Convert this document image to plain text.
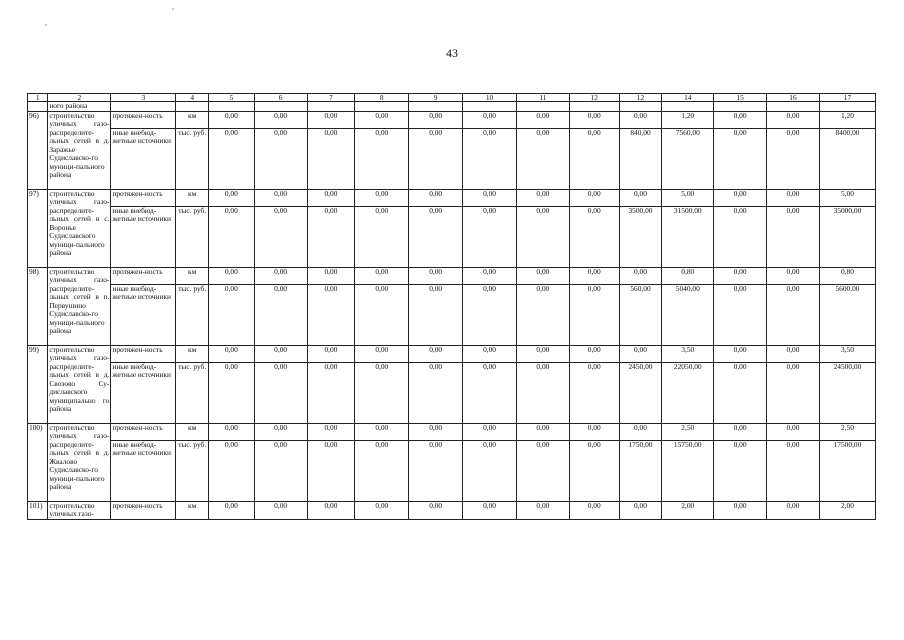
43
1	2	3	4	5	6	7	8	9	10	11	12	12	14	15	16	17
	ного района															
96)	строительство уличных газо-распределите-льных сетей в д. Заражье Судиславско-го муници-пального района	протяжен-ность	км	0,00	0,00	0,00	0,00	0,00	0,00	0,00	0,00	0,00	1,20	0,00	0,00	1,20
		иные внебюд-жетные источники	тыс. руб.	0,00	0,00	0,00	0,00	0,00	0,00	0,00	0,00	840,00	7560,00	0,00	0,00	8400,00
97)	строительство уличных газо-распределите-льных сетей в с. Вороньe Судиславского муници-пального района	протяжен-ность	км	0,00	0,00	0,00	0,00	0,00	0,00	0,00	0,00	0,00	5,00	0,00	0,00	5,00
		иные внебюд-жетные источники	тыс. руб.	0,00	0,00	0,00	0,00	0,00	0,00	0,00	0,00	3500,00	31500,00	0,00	0,00	35000,00
98)	строительство уличных газо-распределите-льных сетей в п. Первушино Судиславско-го муници-пального района	протяжен-ность	км	0,00	0,00	0,00	0,00	0,00	0,00	0,00	0,00	0,00	0,80	0,00	0,00	0,80
		иные внебюд-жетные источники	тыс. руб.	0,00	0,00	0,00	0,00	0,00	0,00	0,00	0,00	560,00	5040,00	0,00	0,00	5600,00
99)	строительство уличных газо-распределите-льных сетей в д. Свозово Су-диславского муниципально го района	протяжен-ность	км	0,00	0,00	0,00	0,00	0,00	0,00	0,00	0,00	0,00	3,50	0,00	0,00	3,50
		иные внебюд-жетные источники	тыс. руб.	0,00	0,00	0,00	0,00	0,00	0,00	0,00	0,00	2450,00	22050,00	0,00	0,00	24500,00
100)	строительство уличных газо-распределите-льных сетей в д. Жвалово Судиславско-го муници-пального района	протяжен-ность	км	0,00	0,00	0,00	0,00	0,00	0,00	0,00	0,00	0,00	2,50	0,00	0,00	2,50
		иные внебюд-жетные источники	тыс. руб.	0,00	0,00	0,00	0,00	0,00	0,00	0,00	0,00	1750,00	15750,00	0,00	0,00	17500,00
101)	строительство уличных газо-	протяжен-ность	км	0,00	0,00	0,00	0,00	0,00	0,00	0,00	0,00	0,00	2,00	0,00	0,00	2,00
